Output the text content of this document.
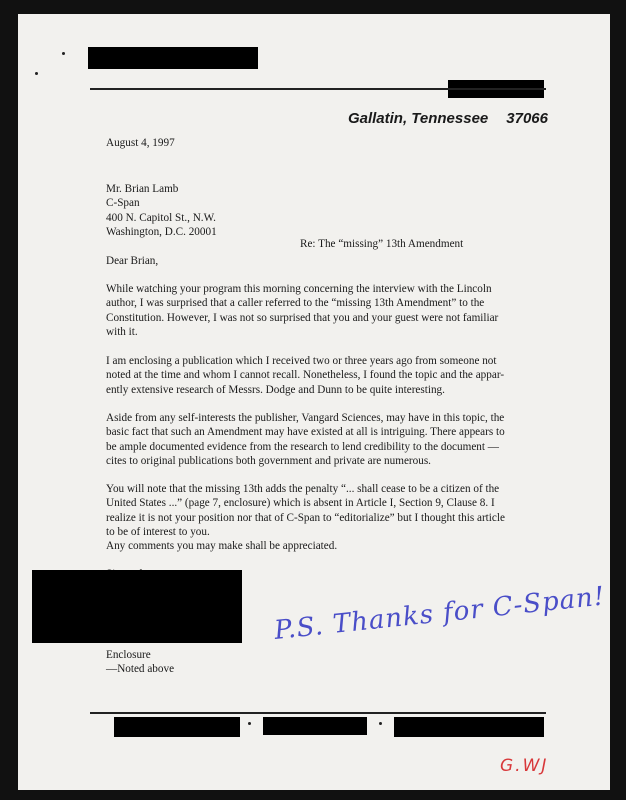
Gallatin, Tennessee 37066
August 4, 1997
Mr. Brian Lamb
C-Span
400 N. Capitol St., N.W.
Washington, D.C. 20001
Re: The “missing” 13th Amendment
Dear Brian,
While watching your program this morning concerning the interview with the Lincoln
author, I was surprised that a caller referred to the “missing 13th Amendment” to the
Constitution. However, I was not so surprised that you and your guest were not familiar
with it.
I am enclosing a publication which I received two or three years ago from someone not
noted at the time and whom I cannot recall. Nonetheless, I found the topic and the appar-
ently extensive research of Messrs. Dodge and Dunn to be quite interesting.
Aside from any self-interests the publisher, Vangard Sciences, may have in this topic, the
basic fact that such an Amendment may have existed at all is intriguing. There appears to
be ample documented evidence from the research to lend credibility to the document —
cites to original publications both government and private are numerous.
You will note that the missing 13th adds the penalty “... shall cease to be a citizen of the
United States ...” (page 7, enclosure) which is absent in Article I, Section 9, Clause 8. I
realize it is not your position nor that of C-Span to “editorialize” but I thought this article
to be of interest to you.
Any comments you may make shall be appreciated.
Enclosure
—Noted above
P.S. Thanks for C-Span!
G.WJ
